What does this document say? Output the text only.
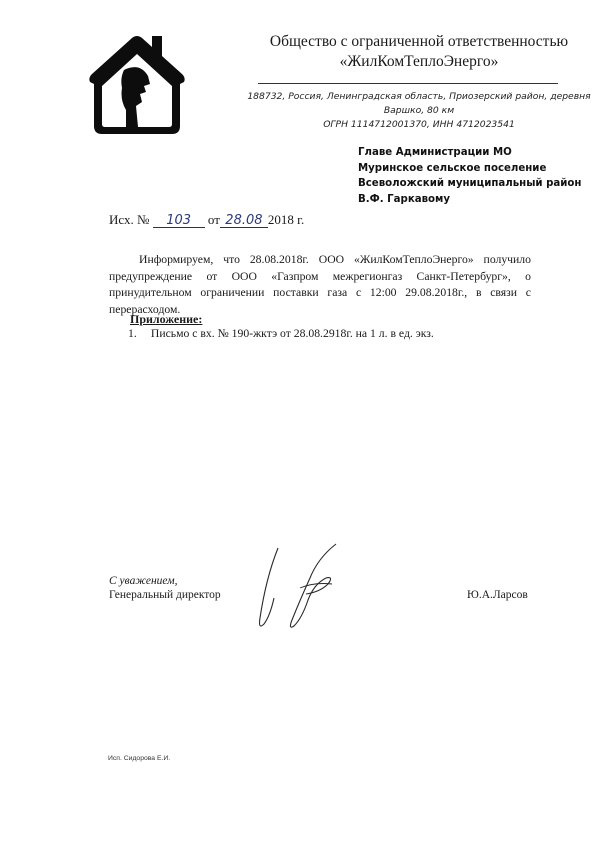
Общество с ограниченной ответственностью
«ЖилКомТеплоЭнерго»
188732, Россия, Ленинградская область, Приозерский район, деревня
Варшко, 80 км
ОГРН 1114712001370, ИНН 4712023541
Главе Администрации МО
Муринское сельское поселение
Всеволожский муниципальный район
В.Ф. Гаркавому
Исх. № 103 от 28.08 2018 г.

Информируем, что 28.08.2018г. ООО «ЖилКомТеплоЭнерго» получило предупреждение от ООО «Газпром межрегионгаз Санкт-Петербург», о принудительном ограничении поставки газа с 12:00 29.08.2018г., в связи с перерасходом.

Приложение:
1. Письмо с вх. № 190-жктэ от 28.08.2918г. на 1 л. в ед. экз.
С уважением,
Генеральный директор	Ю.А.Ларсов
Исп. Сидорова Е.И.
